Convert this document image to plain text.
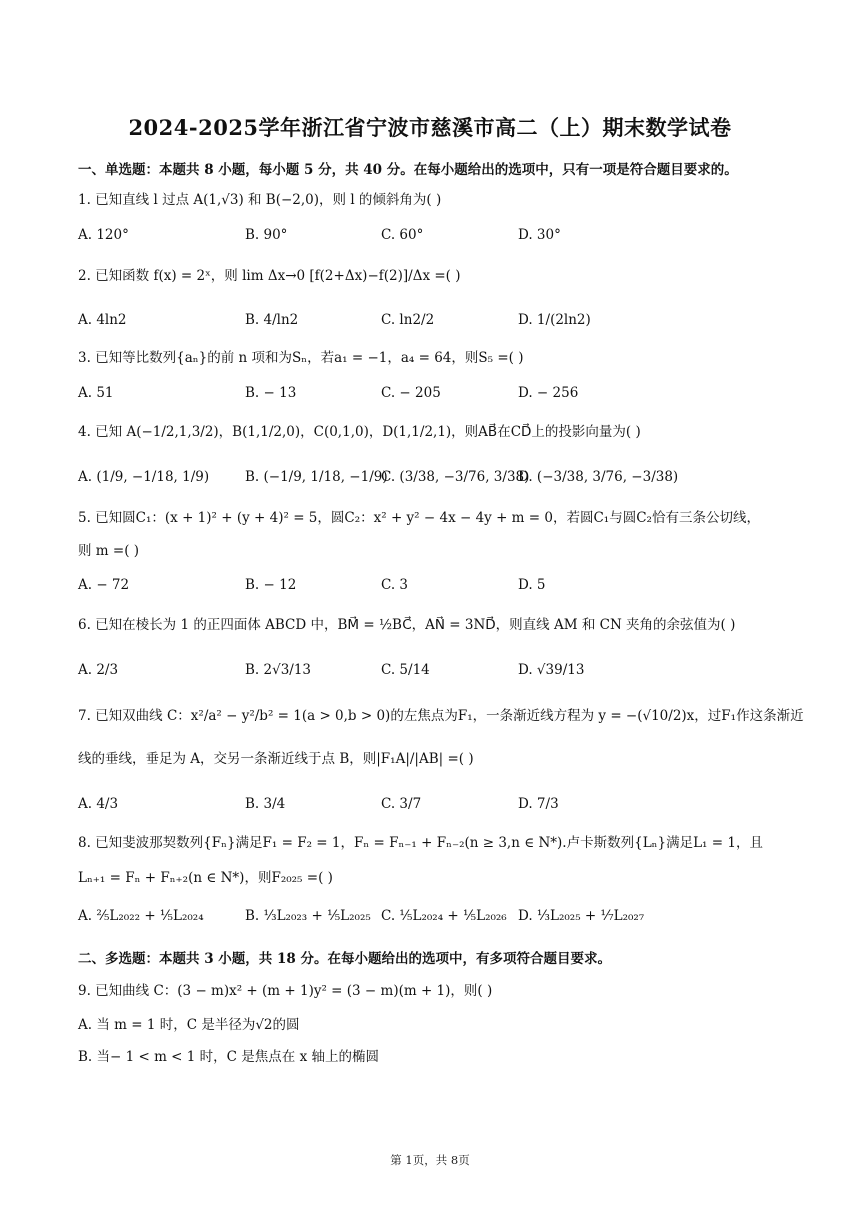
2024-2025学年浙江省宁波市慈溪市高二（上）期末数学试卷
一、单选题：本题共 8 小题，每小题 5 分，共 40 分。在每小题给出的选项中，只有一项是符合题目要求的。
1. 已知直线 l 过点 A(1,√3) 和 B(−2,0)，则 l 的倾斜角为( )
A. 120°	B. 90°	C. 60°	D. 30°
2. 已知函数 f(x) = 2ˣ，则 lim Δx→0 [f(2+Δx)−f(2)]/Δx =( )
A. 4ln2	B. 4/ln2	C. ln2/2	D. 1/(2ln2)
3. 已知等比数列{aₙ}的前 n 项和为Sₙ，若a₁ = −1，a₄ = 64，则S₅ =( )
A. 51	B. − 13	C. − 205	D. − 256
4. 已知 A(−1/2,1,3/2)，B(1,1/2,0)，C(0,1,0)，D(1,1/2,1)，则AB⃗在CD⃗上的投影向量为( )
A. (1/9, −1/18, 1/9)	B. (−1/9, 1/18, −1/9)
C. (3/38, −3/76, 3/38)
D. (−3/38, 3/76, −3/38)
5. 已知圆C₁：(x + 1)² + (y + 4)² = 5，圆C₂：x² + y² − 4x − 4y + m = 0，若圆C₁与圆C₂恰有三条公切线，
则 m =( )
A. − 72	B. − 12	C. 3	D. 5
6. 已知在棱长为 1 的正四面体 ABCD 中，BM⃗ = ½BC⃗，AN⃗ = 3ND⃗，则直线 AM 和 CN 夹角的余弦值为( )
A. 2/3	B. 2√3/13	C. 5/14	D. √39/13
7. 已知双曲线 C：x²/a² − y²/b² = 1(a > 0,b > 0)的左焦点为F₁，一条渐近线方程为 y = −(√10/2)x，过F₁作这条渐近
线的垂线，垂足为 A，交另一条渐近线于点 B，则|F₁A|/|AB| =( )
A. 4/3	B. 3/4	C. 3/7	D. 7/3
8. 已知斐波那契数列{Fₙ}满足F₁ = F₂ = 1，Fₙ = Fₙ₋₁ + Fₙ₋₂(n ≥ 3,n ∈ N*).卢卡斯数列{Lₙ}满足L₁ = 1，且
Lₙ₊₁ = Fₙ + Fₙ₊₂(n ∈ N*)，则F₂₀₂₅ =( )
A. ⅖L₂₀₂₂ + ⅕L₂₀₂₄	B. ⅓L₂₀₂₃ + ⅕L₂₀₂₅ C. ⅕L₂₀₂₄ + ⅕L₂₀₂₆ D. ⅓L₂₀₂₅ + ⅐L₂₀₂₇
二、多选题：本题共 3 小题，共 18 分。在每小题给出的选项中，有多项符合题目要求。
9. 已知曲线 C：(3 − m)x² + (m + 1)y² = (3 − m)(m + 1)，则( )
A. 当 m = 1 时，C 是半径为√2的圆
B. 当− 1 < m < 1 时，C 是焦点在 x 轴上的椭圆
第 1页，共 8页
